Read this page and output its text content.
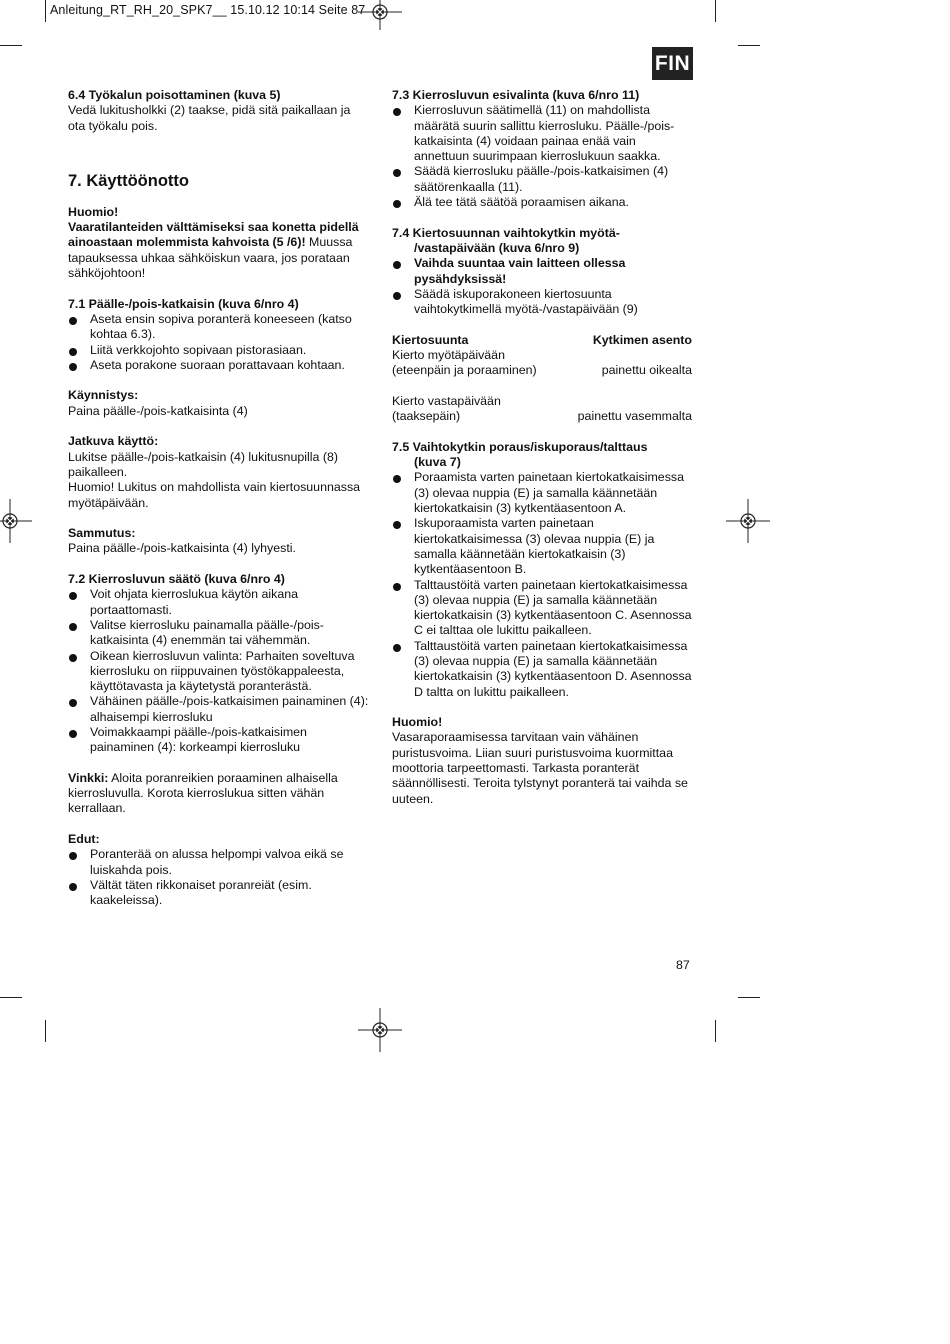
Anleitung_RT_RH_20_SPK7__ 15.10.12 10:14 Seite 87
FIN

6.4 Työkalun poisottaminen (kuva 5)

Vedä lukitusholkki (2) taakse, pidä sitä paikallaan ja ota työkalu pois.

7. Käyttöönotto

Huomio!

Vaaratilanteiden välttämiseksi saa konetta pidellä ainoastaan molemmista kahvoista (5 /6)! Muussa tapauksessa uhkaa sähköiskun vaara, jos porataan sähköjohtoon!

7.1 Päälle-/pois-katkaisin (kuva 6/nro 4)

Aseta ensin sopiva poranterä koneeseen (katso kohtaa 6.3).
Liitä verkkojohto sopivaan pistorasiaan.
Aseta porakone suoraan porattavaan kohtaan.

Käynnistys:

Paina päälle-/pois-katkaisinta (4)

Jatkuva käyttö:

Lukitse päälle-/pois-katkaisin (4) lukitusnupilla (8) paikalleen.

Huomio! Lukitus on mahdollista vain kiertosuunnassa myötäpäivään.

Sammutus:

Paina päälle-/pois-katkaisinta (4) lyhyesti.

7.2 Kierrosluvun säätö (kuva 6/nro 4)

Voit ohjata kierroslukua käytön aikana portaattomasti.
Valitse kierrosluku painamalla päälle-/pois-katkaisinta (4) enemmän tai vähemmän.
Oikean kierrosluvun valinta: Parhaiten soveltuva kierrosluku on riippuvainen työstökappaleesta, käyttötavasta ja käytetystä poranterästä.
Vähäinen päälle-/pois-katkaisimen painaminen (4): alhaisempi kierrosluku
Voimakkaampi päälle-/pois-katkaisimen painaminen (4): korkeampi kierrosluku

Vinkki: Aloita poranreikien poraaminen alhaisella kierrosluvulla. Korota kierroslukua sitten vähän kerrallaan.

Edut:

Poranterää on alussa helpompi valvoa eikä se luiskahda pois.
Vältät täten rikkonaiset poranreiät (esim. kaakeleissa).

7.3 Kierrosluvun esivalinta (kuva 6/nro 11)

Kierrosluvun säätimellä (11) on mahdollista määrätä suurin sallittu kierrosluku. Päälle-/pois-katkaisinta (4) voidaan painaa enää vain annettuun suurimpaan kierroslukuun saakka.
Säädä kierrosluku päälle-/pois-katkaisimen (4) säätörenkaalla (11).
Älä tee tätä säätöä poraamisen aikana.

7.4 Kiertosuunnan vaihtokytkin myötä-
/vastapäivään (kuva 6/nro 9)

Vaihda suuntaa vain laitteen ollessa pysähdyksissä!
Säädä iskuporakoneen kiertosuunta vaihtokytkimellä myötä-/vastapäivään (9)
Kiertosuunta	Kytkimen asento

Kierto myötäpäivään

(eteenpäin ja poraaminen)	painettu oikealta

Kierto vastapäivään

(taaksepäin)	painettu vasemmalta

7.5 Vaihtokytkin poraus/iskuporaus/talttaus
(kuva 7)

Poraamista varten painetaan kiertokatkaisimessa (3) olevaa nuppia (E) ja samalla käännetään kiertokatkaisin (3) kytkentäasentoon A.
Iskuporaamista varten painetaan kiertokatkaisimessa (3) olevaa nuppia (E) ja samalla käännetään kiertokatkaisin (3) kytkentäasentoon B.
Talttaustöitä varten painetaan kiertokatkaisimessa (3) olevaa nuppia (E) ja samalla käännetään kiertokatkaisin (3) kytkentäasentoon C. Asennossa C ei talttaa ole lukittu paikalleen.
Talttaustöitä varten painetaan kiertokatkaisimessa (3) olevaa nuppia (E) ja samalla käännetään kiertokatkaisin (3) kytkentäasentoon D. Asennossa D taltta on lukittu paikalleen.

Huomio!

Vasaraporaamisessa tarvitaan vain vähäinen puristusvoima. Liian suuri puristusvoima kuormittaa moottoria tarpeettomasti. Tarkasta poranterät säännöllisesti. Teroita tylstynyt poranterä tai vaihda se uuteen.

87
